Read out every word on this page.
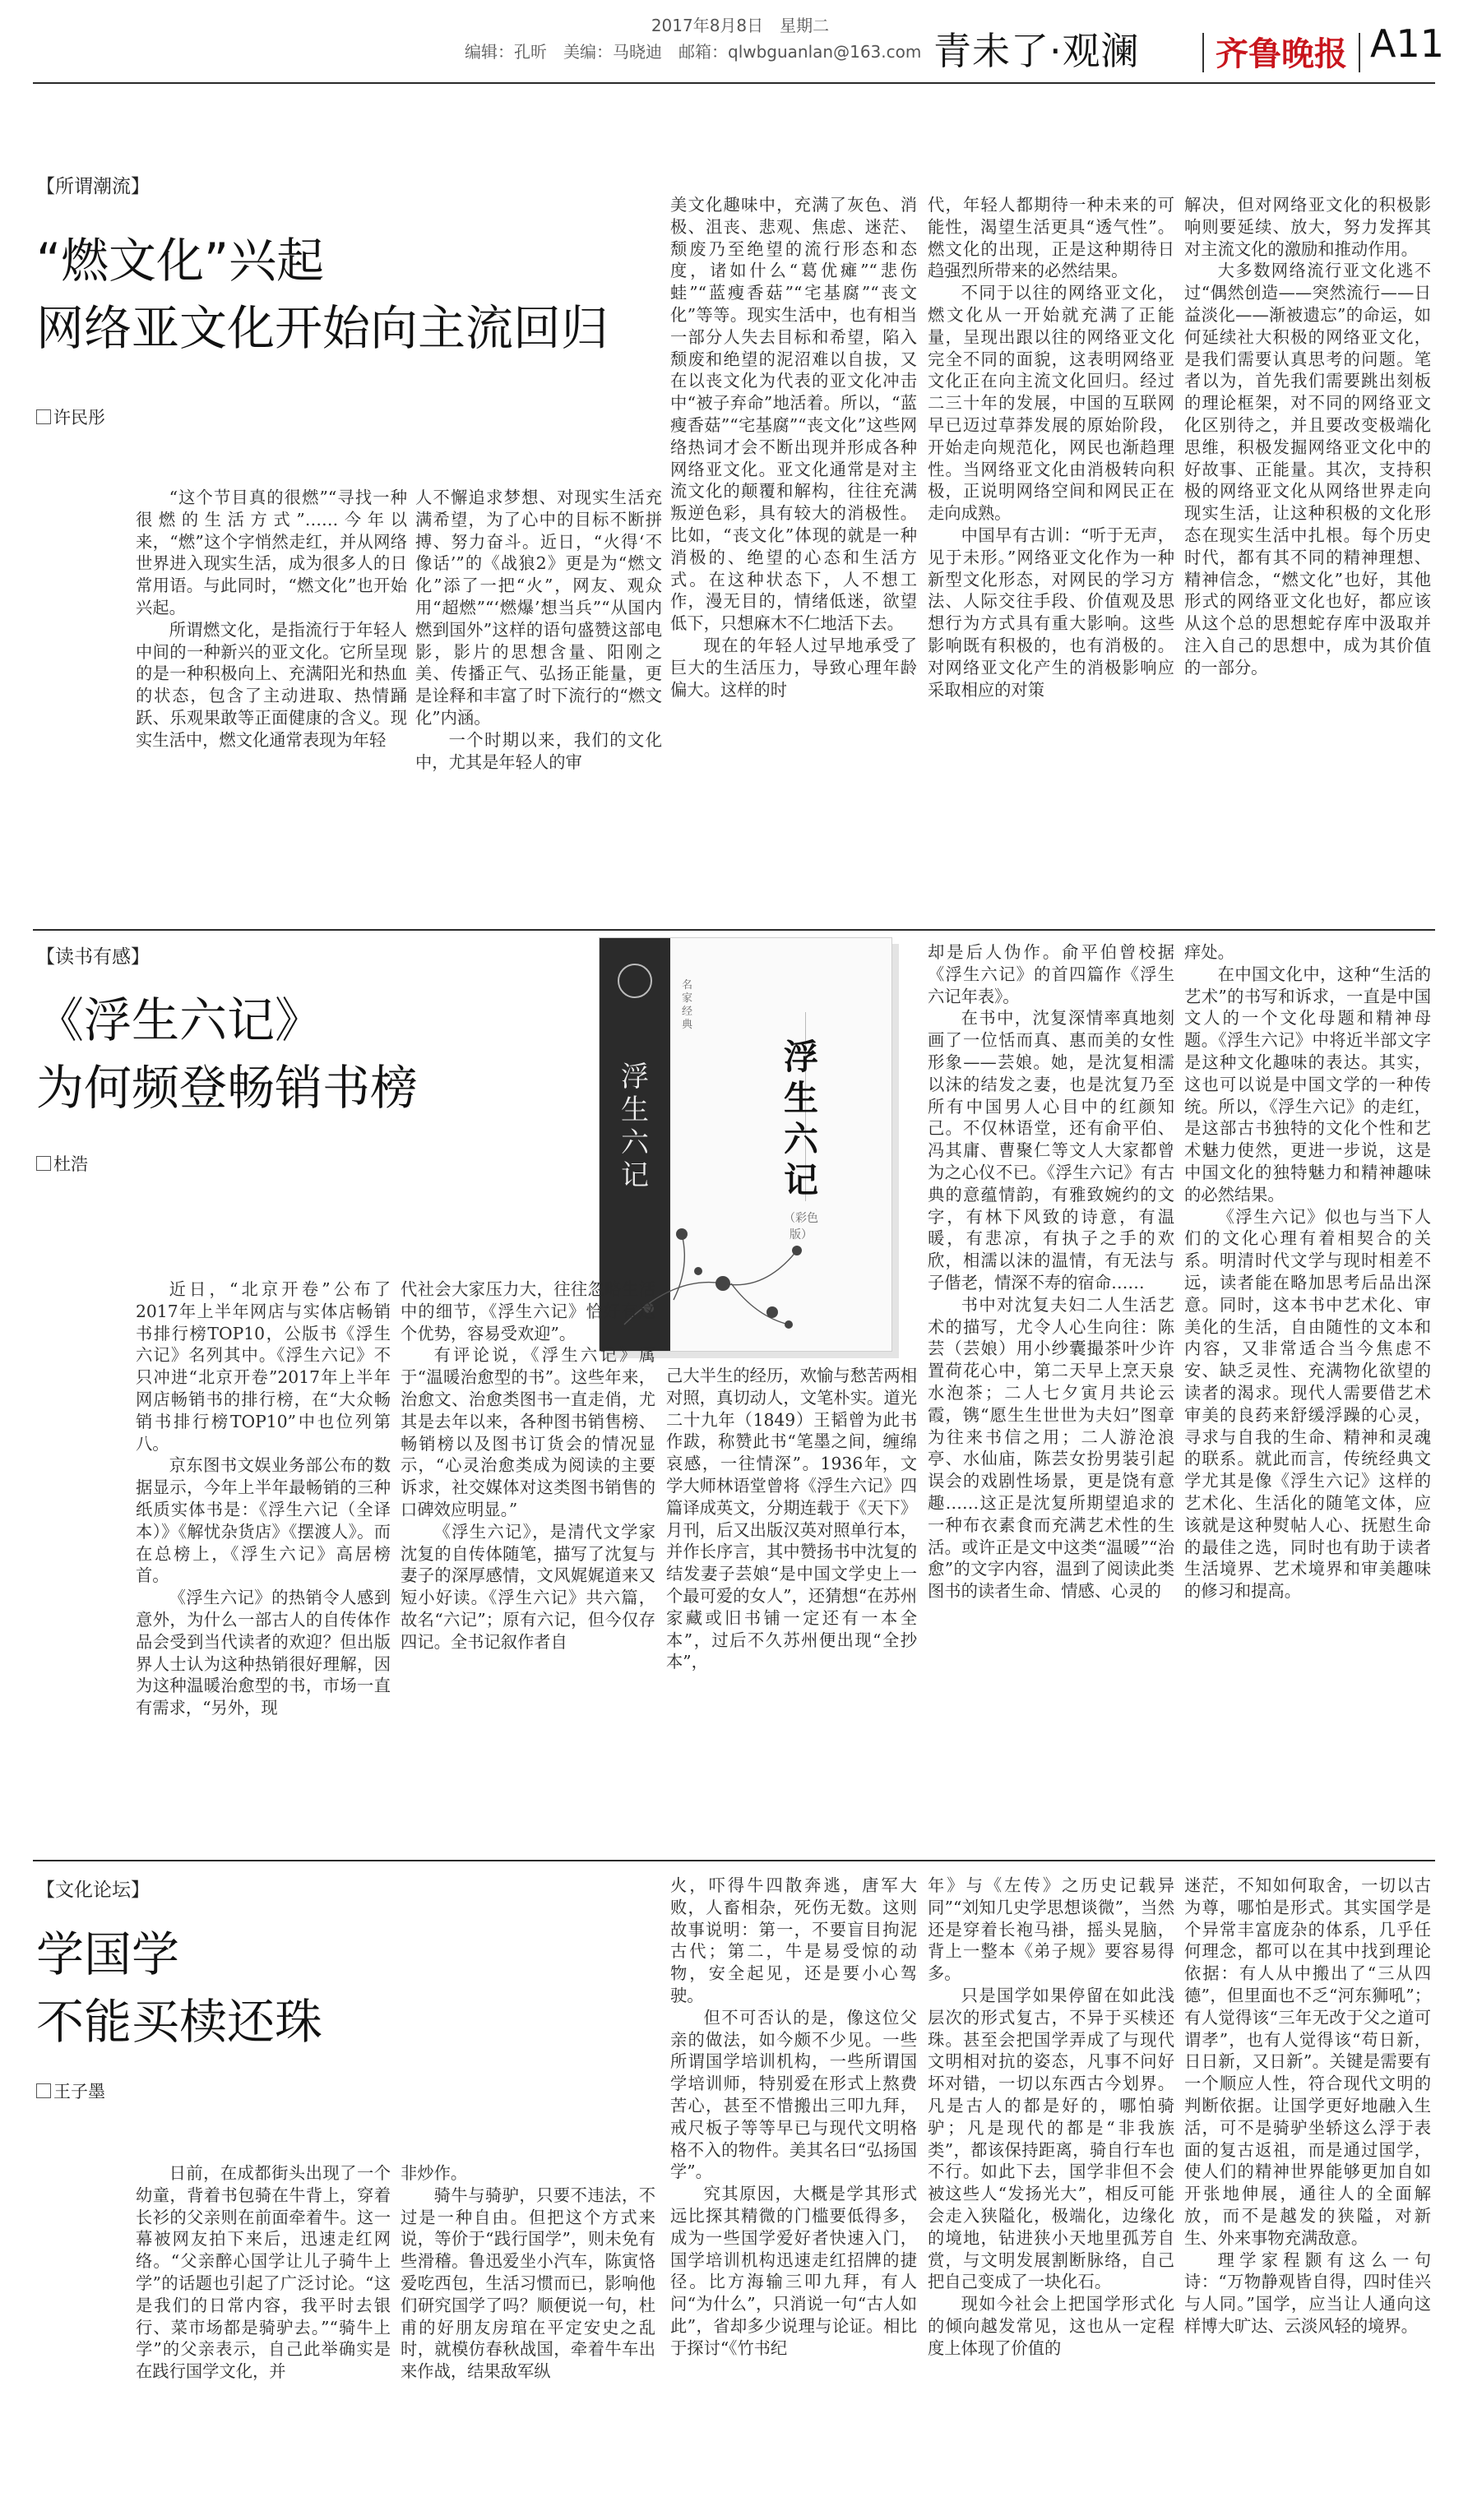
2017年8月8日　星期二
编辑：孔昕　美编：马晓迪　邮箱：qlwbguanlan@163.com 青未了·观澜 齐鲁晚报 A11
【所谓潮流】
“燃文化”兴起
网络亚文化开始向主流回归
许民彤

“这个节目真的很燃”“寻找一种很燃的生活方式”……今年以来，“燃”这个字悄然走红，并从网络世界进入现实生活，成为很多人的日常用语。与此同时，“燃文化”也开始兴起。

所谓燃文化，是指流行于年轻人中间的一种新兴的亚文化。它所呈现的是一种积极向上、充满阳光和热血的状态，包含了主动进取、热情踊跃、乐观果敢等正面健康的含义。现实生活中，燃文化通常表现为年轻

人不懈追求梦想、对现实生活充满希望，为了心中的目标不断拼搏、努力奋斗。近日，“火得‘不像话’”的《战狼2》更是为“燃文化”添了一把“火”，网友、观众用“超燃”“‘燃爆’想当兵”“从国内燃到国外”这样的语句盛赞这部电影，影片的思想含量、阳刚之美、传播正气、弘扬正能量，更是诠释和丰富了时下流行的“燃文化”内涵。

一个时期以来，我们的文化中，尤其是年轻人的审

美文化趣味中，充满了灰色、消极、沮丧、悲观、焦虑、迷茫、颓废乃至绝望的流行形态和态度，诸如什么“葛优瘫”“悲伤蛙”“蓝瘦香菇”“宅基腐”“丧文化”等等。现实生活中，也有相当一部分人失去目标和希望，陷入颓废和绝望的泥沼难以自拔，又在以丧文化为代表的亚文化冲击中“被子弃命”地活着。所以，“蓝瘦香菇”“宅基腐”“丧文化”这些网络热词才会不断出现并形成各种网络亚文化。亚文化通常是对主流文化的颠覆和解构，往往充满叛逆色彩，具有较大的消极性。比如，“丧文化”体现的就是一种消极的、绝望的心态和生活方式。在这种状态下，人不想工作，漫无目的，情绪低迷，欲望低下，只想麻木不仁地活下去。

现在的年轻人过早地承受了巨大的生活压力，导致心理年龄偏大。这样的时

代，年轻人都期待一种未来的可能性，渴望生活更具“透气性”。燃文化的出现，正是这种期待日趋强烈所带来的必然结果。

不同于以往的网络亚文化，燃文化从一开始就充满了正能量，呈现出跟以往的网络亚文化完全不同的面貌，这表明网络亚文化正在向主流文化回归。经过二三十年的发展，中国的互联网早已迈过草莽发展的原始阶段，开始走向规范化，网民也渐趋理性。当网络亚文化由消极转向积极，正说明网络空间和网民正在走向成熟。

中国早有古训：“听于无声，见于未形。”网络亚文化作为一种新型文化形态，对网民的学习方法、人际交往手段、价值观及思想行为方式具有重大影响。这些影响既有积极的，也有消极的。对网络亚文化产生的消极影响应采取相应的对策

解决，但对网络亚文化的积极影响则要延续、放大，努力发挥其对主流文化的激励和推动作用。

大多数网络流行亚文化逃不过“偶然创造——突然流行——日益淡化——渐被遗忘”的命运，如何延续社大积极的网络亚文化，是我们需要认真思考的问题。笔者以为，首先我们需要跳出刻板的理论框架，对不同的网络亚文化区别待之，并且要改变极端化思维，积极发掘网络亚文化中的好故事、正能量。其次，支持积极的网络亚文化从网络世界走向现实生活，让这种积极的文化形态在现实生活中扎根。每个历史时代，都有其不同的精神理想、精神信念，“燃文化”也好，其他形式的网络亚文化也好，都应该从这个总的思想蛇存库中汲取并注入自己的思想中，成为其价值的一部分。

【读书有感】
《浮生六记》
为何频登畅销书榜
杜浩
浮生六记
浮生六记
（彩色版）
名家经典

近日，“北京开卷”公布了2017年上半年网店与实体店畅销书排行榜TOP10，公版书《浮生六记》名列其中。《浮生六记》不只冲进“北京开卷”2017年上半年网店畅销书的排行榜，在“大众畅销书排行榜TOP10”中也位列第八。

京东图书文娱业务部公布的数据显示，今年上半年最畅销的三种纸质实体书是：《浮生六记（全译本）》《解忧杂货店》《摆渡人》。而在总榜上，《浮生六记》高居榜首。

《浮生六记》的热销令人感到意外，为什么一部古人的自传体作品会受到当代读者的欢迎？但出版界人士认为这种热销很好理解，因为这种温暖治愈型的书，市场一直有需求，“另外，现

代社会大家压力大，往往忽略生活中的细节，《浮生六记》恰好有这个优势，容易受欢迎”。

有评论说，《浮生六记》属于“温暖治愈型的书”。这些年来，治愈文、治愈类图书一直走俏，尤其是去年以来，各种图书销售榜、畅销榜以及图书订货会的情况显示，“心灵治愈类成为阅读的主要诉求，社交媒体对这类图书销售的口碑效应明显。”

《浮生六记》，是清代文学家沈复的自传体随笔，描写了沈复与妻子的深厚感情，文风娓娓道来又短小好读。《浮生六记》共六篇，故名“六记”；原有六记，但今仅存四记。全书记叙作者自

己大半生的经历，欢愉与愁苦两相对照，真切动人，文笔朴实。道光二十九年（1849）王韬曾为此书作跋，称赞此书“笔墨之间，缠绵哀感，一往情深”。1936年，文学大师林语堂曾将《浮生六记》四篇译成英文，分期连载于《天下》月刊，后又出版汉英对照单行本，并作长序言，其中赞扬书中沈复的结发妻子芸娘“是中国文学史上一个最可爱的女人”，还猜想“在苏州家藏或旧书铺一定还有一本全本”，过后不久苏州便出现“全抄本”，

却是后人伪作。俞平伯曾校据《浮生六记》的首四篇作《浮生六记年表》。

在书中，沈复深情率真地刻画了一位恬而真、惠而美的女性形象——芸娘。她，是沈复相濡以沫的结发之妻，也是沈复乃至所有中国男人心目中的红颜知己。不仅林语堂，还有俞平伯、冯其庸、曹聚仁等文人大家都曾为之心仪不已。《浮生六记》有古典的意蕴情韵，有雅致婉约的文字，有林下风致的诗意，有温暖，有悲凉，有执子之手的欢欣，相濡以沫的温情，有无法与子偕老，情深不寿的宿命……

书中对沈复夫妇二人生活艺术的描写，尤令人心生向往：陈芸（芸娘）用小纱囊撮茶叶少许置荷花心中，第二天早上烹天泉水泡茶；二人七夕寅月共论云霞，镌“愿生生世世为夫妇”图章为往来书信之用；二人游沧浪亭、水仙庙，陈芸女扮男装引起误会的戏剧性场景，更是饶有意趣……这正是沈复所期望追求的一种布衣素食而充满艺术性的生活。或许正是文中这类“温暖”“治愈”的文字内容，温到了阅读此类图书的读者生命、情感、心灵的

痒处。

在中国文化中，这种“生活的艺术”的书写和诉求，一直是中国文人的一个文化母题和精神母题。《浮生六记》中将近半部文字是这种文化趣味的表达。其实，这也可以说是中国文学的一种传统。所以，《浮生六记》的走红，是这部古书独特的文化个性和艺术魅力使然，更进一步说，这是中国文化的独特魅力和精神趣味的必然结果。

《浮生六记》似也与当下人们的文化心理有着相契合的关系。明清时代文学与现时相差不远，读者能在略加思考后品出深意。同时，这本书中艺术化、审美化的生活，自由随性的文本和内容，又非常适合当今焦虑不安、缺乏灵性、充满物化欲望的读者的渴求。现代人需要借艺术审美的良药来舒缓浮躁的心灵，寻求与自我的生命、精神和灵魂的联系。就此而言，传统经典文学尤其是像《浮生六记》这样的艺术化、生活化的随笔文体，应该就是这种熨帖人心、抚慰生命的最佳之选，同时也有助于读者生活境界、艺术境界和审美趣味的修习和提高。

【文化论坛】
学国学
不能买椟还珠
王子墨

日前，在成都街头出现了一个幼童，背着书包骑在牛背上，穿着长衫的父亲则在前面牵着牛。这一幕被网友拍下来后，迅速走红网络。“父亲醉心国学让儿子骑牛上学”的话题也引起了广泛讨论。“这是我们的日常内容，我平时去银行、菜市场都是骑驴去。”“骑牛上学”的父亲表示，自己此举确实是在践行国学文化，并

非炒作。

骑牛与骑驴，只要不违法，不过是一种自由。但把这个方式来说，等价于“践行国学”，则未免有些滑稽。鲁迅爱坐小汽车，陈寅恪爱吃西包，生活习惯而已，影响他们研究国学了吗？顺便说一句，杜甫的好朋友房琯在平定安史之乱时，就模仿春秋战国，牵着牛车出来作战，结果敌军纵

火，吓得牛四散奔逃，唐军大败，人畜相杂，死伤无数。这则故事说明：第一，不要盲目拘泥古代；第二，牛是易受惊的动物，安全起见，还是要小心驾驶。

但不可否认的是，像这位父亲的做法，如今颇不少见。一些所谓国学培训机构，一些所谓国学培训师，特别爱在形式上熬费苦心，甚至不惜搬出三叩九拜，戒尺板子等等早已与现代文明格格不入的物件。美其名曰“弘扬国学”。

究其原因，大概是学其形式远比探其精微的门槛要低得多，成为一些国学爱好者快速入门，国学培训机构迅速走红招牌的捷径。比方海输三叩九拜，有人问“为什么”，只消说一句“古人如此”，省却多少说理与论证。相比于探讨“《竹书纪

年》与《左传》之历史记载异同”“刘知几史学思想谈微”，当然还是穿着长袍马褂，摇头晃脑，背上一整本《弟子规》要容易得多。

只是国学如果停留在如此浅层次的形式复古，不异于买椟还珠。甚至会把国学弄成了与现代文明相对抗的姿态，凡事不问好坏对错，一切以东西古今划界。凡是古人的都是好的，哪怕骑驴；凡是现代的都是“非我族类”，都该保持距离，骑自行车也不行。如此下去，国学非但不会被这些人“发扬光大”，相反可能会走入狭隘化，极端化，边缘化的境地，钻进狭小天地里孤芳自赏，与文明发展割断脉络，自己把自己变成了一块化石。

现如今社会上把国学形式化的倾向越发常见，这也从一定程度上体现了价值的

迷茫，不知如何取舍，一切以古为尊，哪怕是形式。其实国学是个异常丰富庞杂的体系，几乎任何理念，都可以在其中找到理论依据：有人从中搬出了“三从四德”，但里面也不乏“河东狮吼”；有人觉得该“三年无改于父之道可谓孝”，也有人觉得该“苟日新，日日新，又日新”。关键是需要有一个顺应人性，符合现代文明的判断依据。让国学更好地融入生活，可不是骑驴坐轿这么浮于表面的复古返祖，而是通过国学，使人们的精神世界能够更加自如开张地伸展，通往人的全面解放，而不是越发的狭隘，对新生、外来事物充满敌意。

理学家程颢有这么一句诗：“万物静观皆自得，四时佳兴与人同。”国学，应当让人通向这样博大旷达、云淡风轻的境界。
